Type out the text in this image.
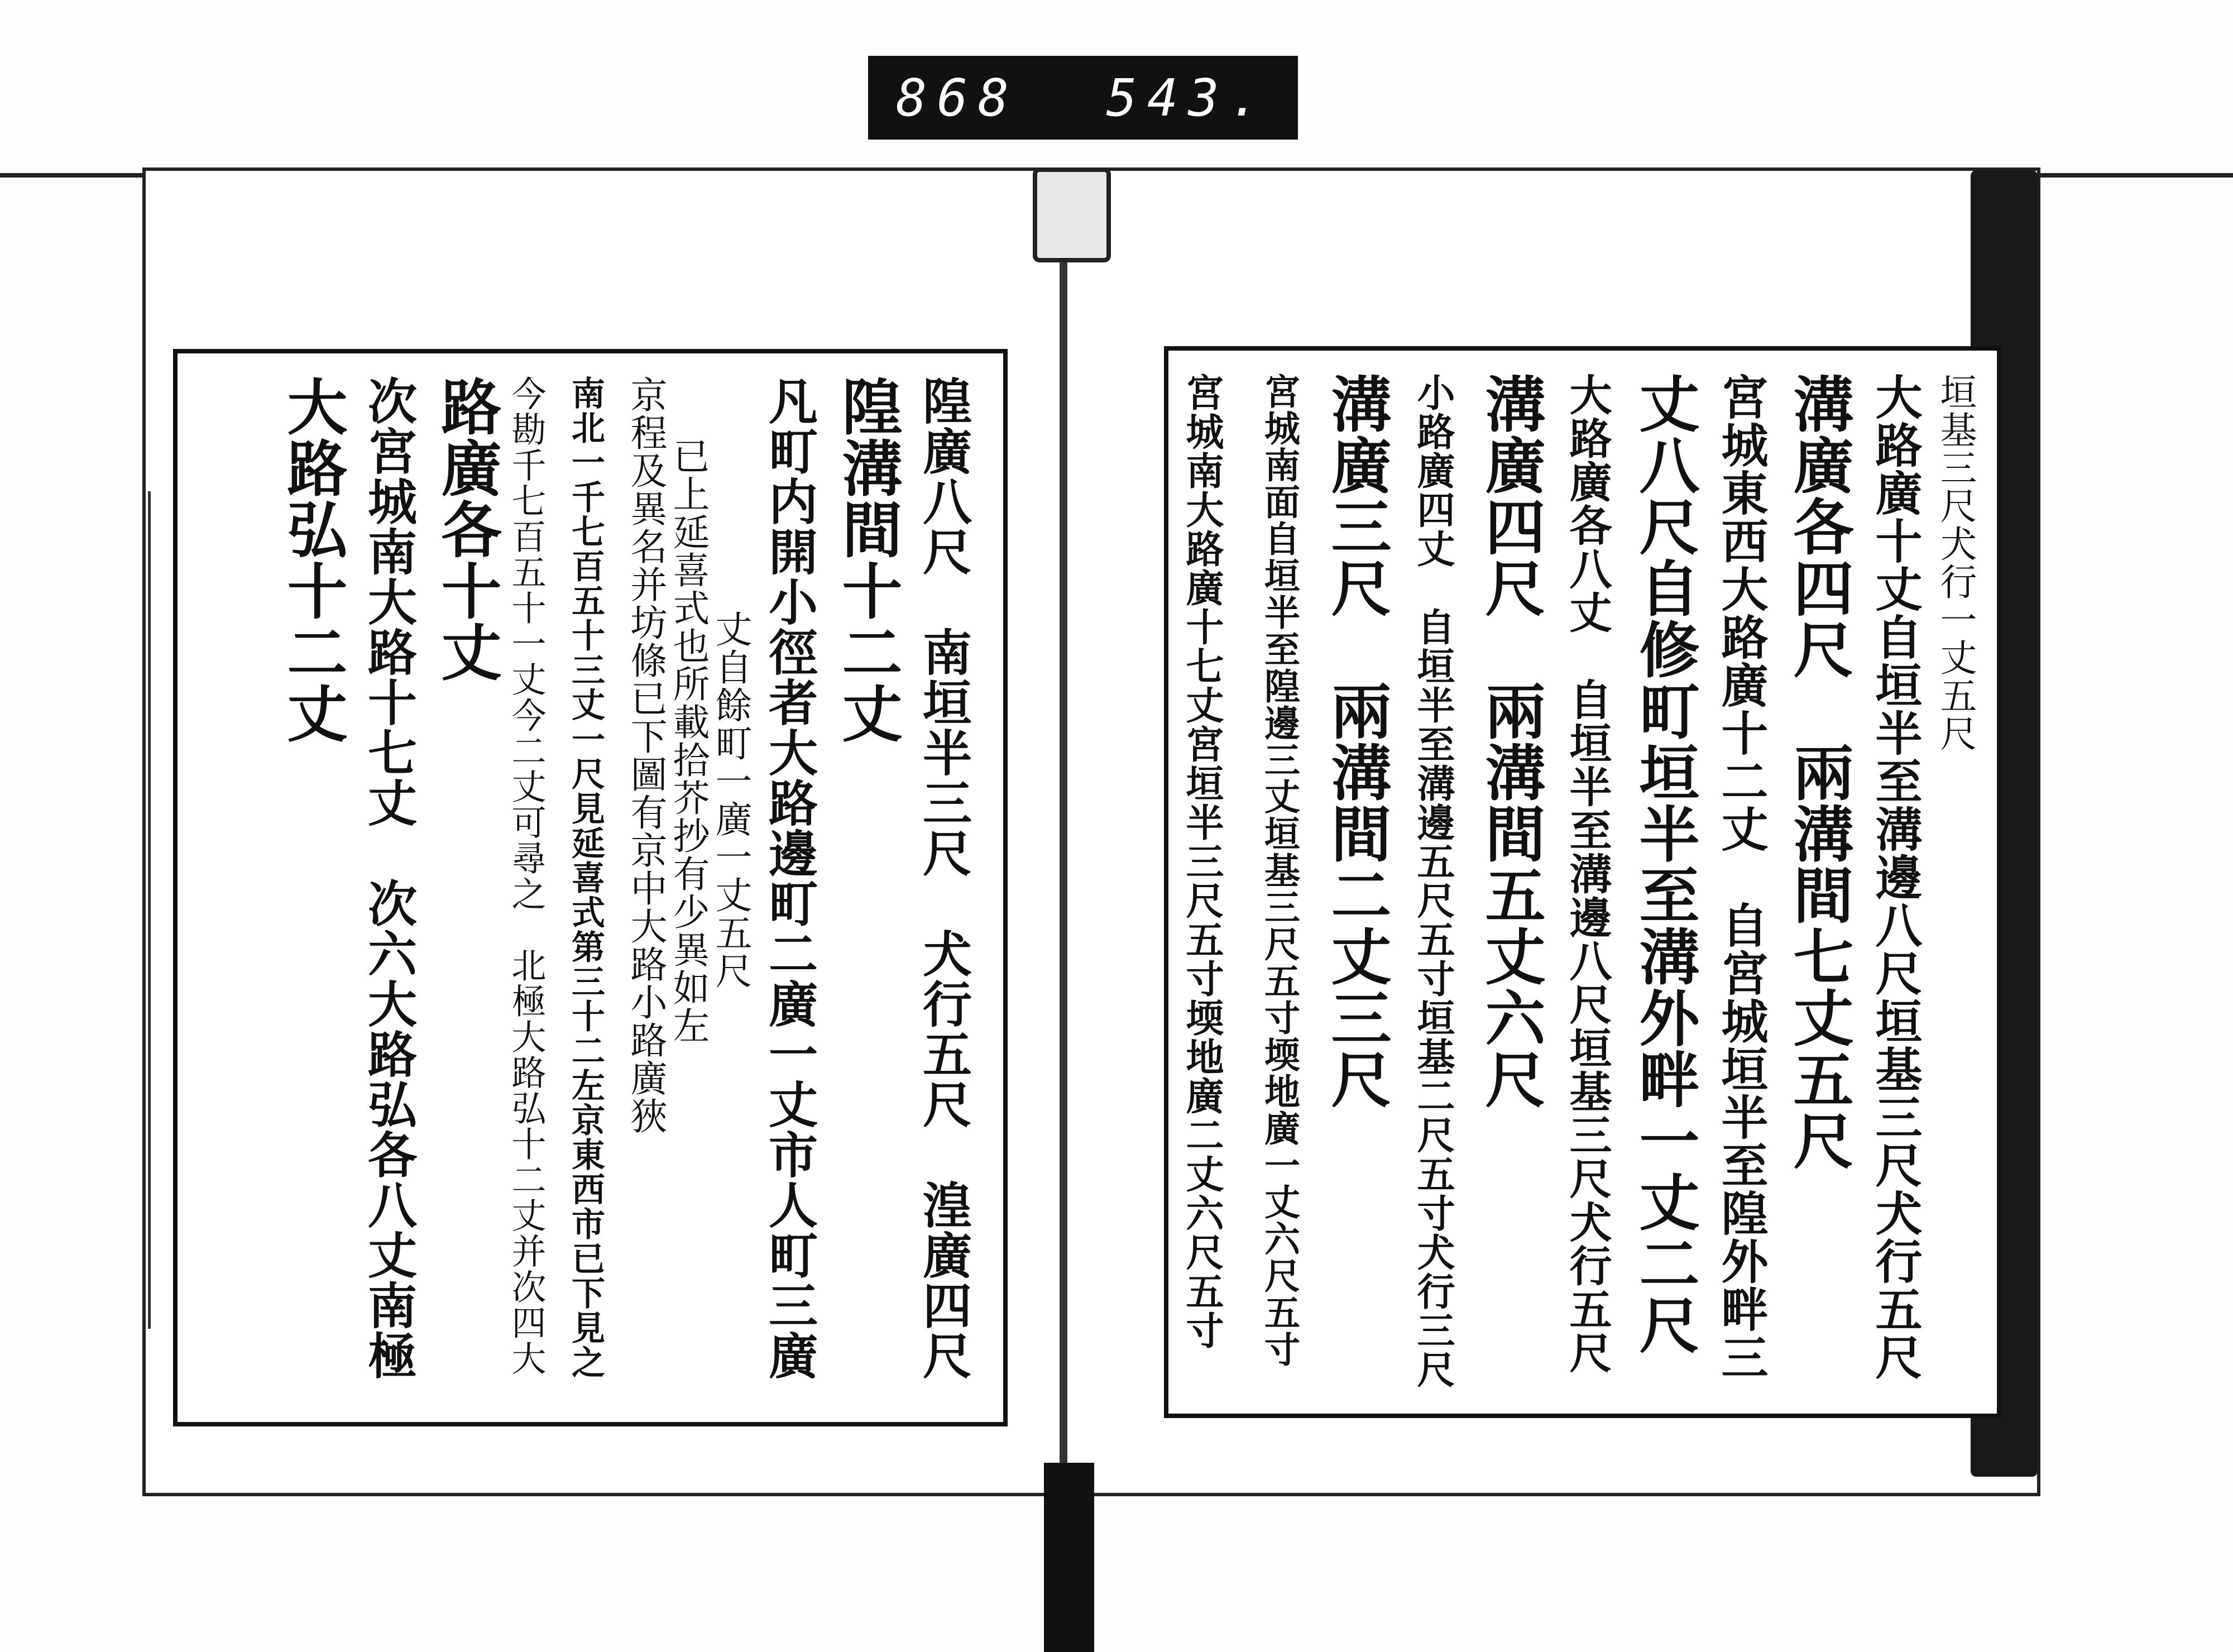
868 543.
隍廣八尺　南垣半三尺　犬行五尺　湟廣四尺
隍溝間十二丈
凡町内開小徑者大路邊町二廣一丈市人町三廣
丈自餘町一廣一丈五尺
已上延喜式也所載拾芥抄有少異如左
京程及異名并坊條已下圖有京中大路小路廣狹
南北一千七百五十三丈一尺見延喜式第三十二左京東西市已下見之
今勘千七百五十一丈今二丈可尋之　北極大路弘十二丈并次四大
路廣各十丈
次宮城南大路十七丈　次六大路弘各八丈南極
大路弘十二丈	垣基三尺犬行一丈五尺
大路廣十丈自垣半至溝邊八尺垣基三尺犬行五尺
溝廣各四尺　兩溝間七丈五尺
宮城東西大路廣十二丈　自宮城垣半至隍外畔三
丈八尺自修町垣半至溝外畔一丈二尺
大路廣各八丈　自垣半至溝邊八尺垣基三尺犬行五尺
溝廣四尺　兩溝間五丈六尺
小路廣四丈　自垣半至溝邊五尺五寸垣基二尺五寸犬行三尺
溝廣三尺　兩溝間二丈三尺
宮城南面自垣半至隍邊三丈垣基三尺五寸堧地廣一丈六尺五寸
宮城南大路廣十七丈宮垣半三尺五寸堧地廣二丈六尺五寸
